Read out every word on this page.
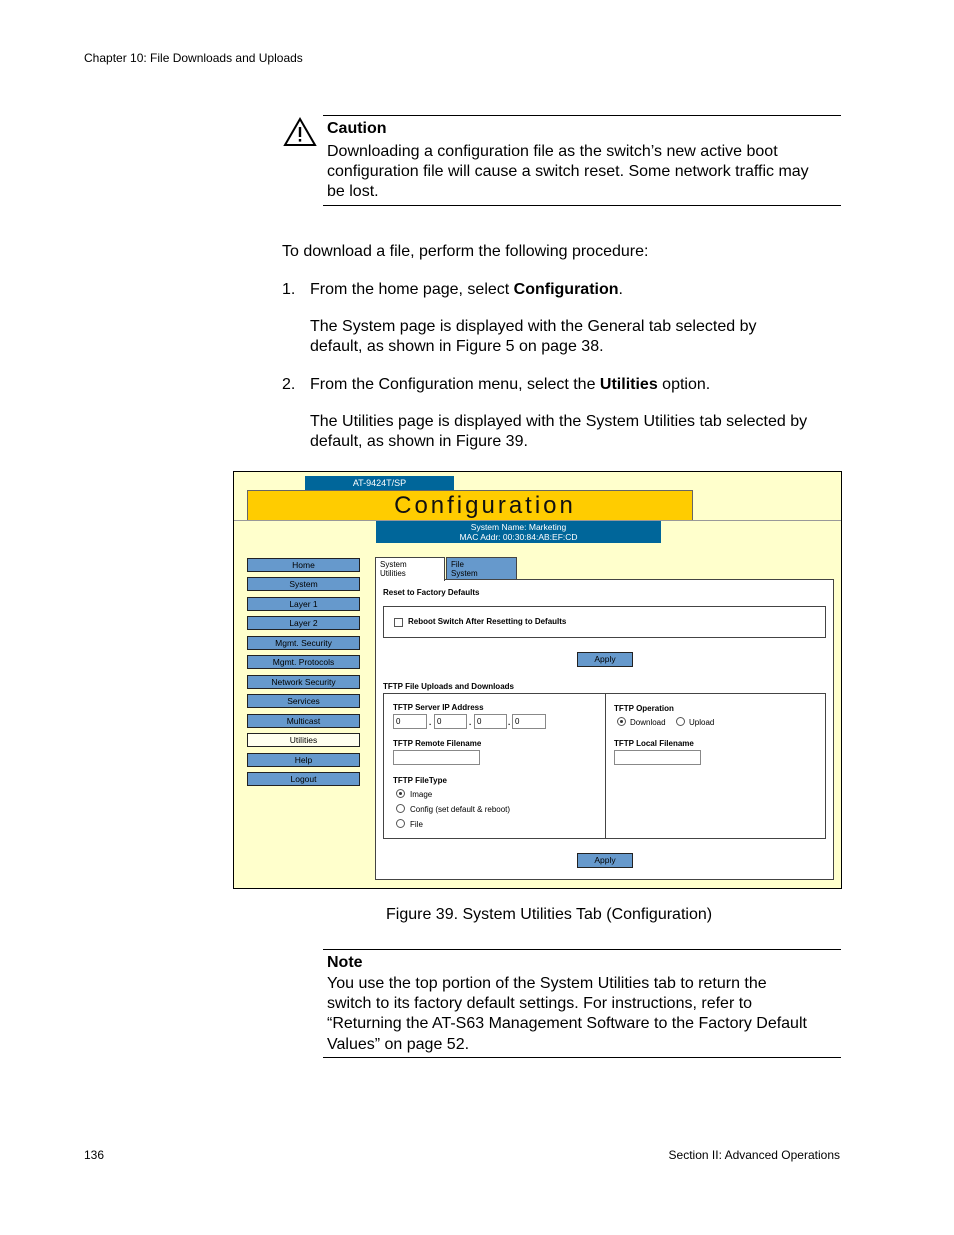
Chapter 10: File Downloads and Uploads
Caution
Downloading a configuration file as the switch’s new active boot
configuration file will cause a switch reset. Some network traffic may
be lost.
To download a file, perform the following procedure:
1. From the home page, select Configuration.
The System page is displayed with the General tab selected by
default, as shown in Figure 5 on page 38.
2. From the Configuration menu, select the Utilities option.
The Utilities page is displayed with the System Utilities tab selected by
default, as shown in Figure 39.
AT-9424T/SP
Configuration
System Name: Marketing
MAC Addr: 00:30:84:AB:EF:CD
Home
System
Layer 1
Layer 2
Mgmt. Security
Mgmt. Protocols
Network Security
Services
Multicast
Utilities
Help
Logout
System
Utilities
File
System
Reset to Factory Defaults
Reboot Switch After Resetting to Defaults
Apply
TFTP File Uploads and Downloads
TFTP Server IP Address
0	. 0	. 0	. 0
TFTP Remote Filename
TFTP FileType
Image
Config (set default & reboot)
File
TFTP Operation
Download	Upload
TFTP Local Filename
Apply
Figure 39. System Utilities Tab (Configuration)
Note
You use the top portion of the System Utilities tab to return the
switch to its factory default settings. For instructions, refer to
“Returning the AT-S63 Management Software to the Factory Default
Values” on page 52.
136	Section II: Advanced Operations
